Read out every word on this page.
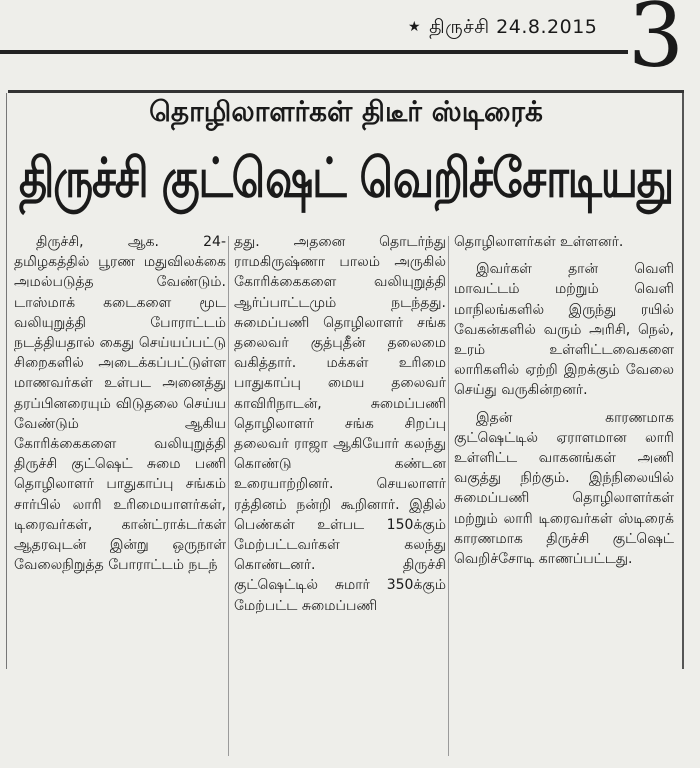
★ திருச்சி 24.8.2015 3
தொழிலாளர்கள் திடீர் ஸ்டிரைக்
திருச்சி குட்ஷெட் வெறிச்சோடியது

திருச்சி, ஆக. 24- தமிழகத்தில் பூரண மதுவிலக்கை அமல்படுத்த வேண்டும். டாஸ்மாக் கடைகளை மூட வலியுறுத்தி போராட்டம் நடத்தியதால் கைது செய்யப்பட்டு சிறைகளில் அடைக்கப்பட்டுள்ள மாணவர்கள் உள்பட அனைத்து தரப்பினரையும் விடுதலை செய்ய வேண்டும் ஆகிய கோரிக்கைகளை வலியுறுத்தி திருச்சி குட்ஷெட் சுமை பணி தொழிலாளர் பாதுகாப்பு சங்கம் சார்பில் லாரி உரிமையாளர்கள், டிரைவர்கள், கான்ட்ராக்டர்கள் ஆதரவுடன் இன்று ஒருநாள் வேலைநிறுத்த போராட்டம் நடந்

தது. அதனை தொடர்ந்து ராமகிருஷ்ணா பாலம் அருகில் கோரிக்கைகளை வலியுறுத்தி ஆர்ப்பாட்டமும் நடந்தது. சுமைப்பணி தொழிலாளர் சங்க தலைவர் குத்புதீன் தலைமை வகித்தார். மக்கள் உரிமை பாதுகாப்பு மைய தலைவர் காவிரிநாடன், சுமைப்பணி தொழிலாளர் சங்க சிறப்பு தலைவர் ராஜா ஆகியோர் கலந்து கொண்டு கண்டன உரையாற்றினர். செயலாளர் ரத்தினம் நன்றி கூறினார். இதில் பெண்கள் உள்பட 150க்கும் மேற்பட்டவர்கள் கலந்து கொண்டனர். திருச்சி குட்ஷெட்டில் சுமார் 350க்கும் மேற்பட்ட சுமைப்பணி

தொழிலாளர்கள் உள்ளனர்.

இவர்கள் தான் வெளி மாவட்டம் மற்றும் வெளி மாநிலங்களில் இருந்து ரயில் வேகன்களில் வரும் அரிசி, நெல், உரம் உள்ளிட்டவைகளை லாரிகளில் ஏற்றி இறக்கும் வேலை செய்து வருகின்றனர்.

இதன் காரணமாக குட்ஷெட்டில் ஏராளமான லாரி உள்ளிட்ட வாகனங்கள் அணி வகுத்து நிற்கும். இந்நிலையில் சுமைப்பணி தொழிலாளர்கள் மற்றும் லாரி டிரைவர்கள் ஸ்டிரைக் காரணமாக திருச்சி குட்ஷெட் வெறிச்சோடி காணப்பட்டது.
